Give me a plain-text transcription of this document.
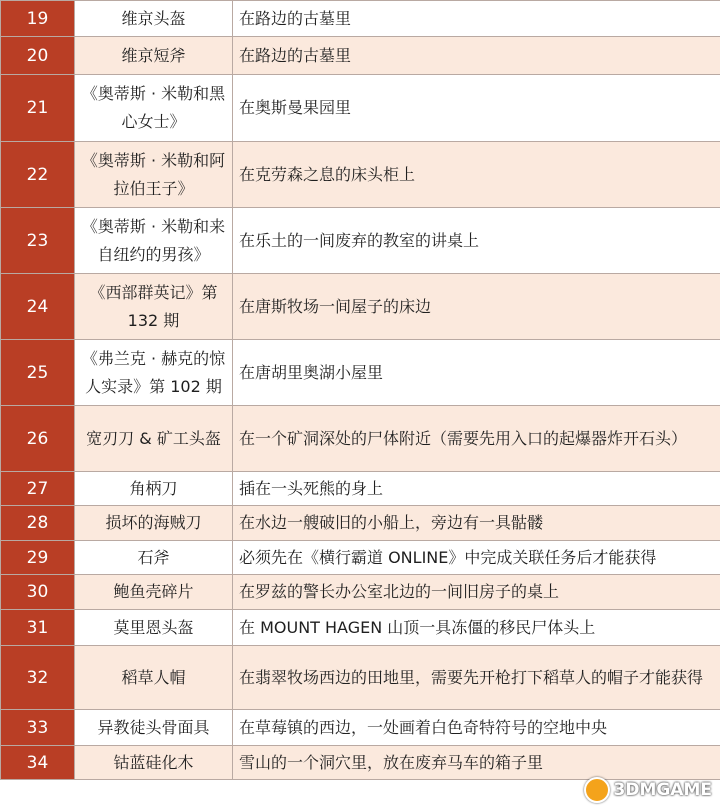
19	维京头盔	在路边的古墓里
20	维京短斧	在路边的古墓里
21	《奥蒂斯 · 米勒和黑心女士》	在奥斯曼果园里
22	《奥蒂斯 · 米勒和阿拉伯王子》	在克劳森之息的床头柜上
23	《奥蒂斯 · 米勒和来自纽约的男孩》	在乐土的一间废弃的教室的讲桌上
24	《西部群英记》第 132 期	在唐斯牧场一间屋子的床边
25	《弗兰克 · 赫克的惊人实录》第 102 期	在唐胡里奥湖小屋里
26	宽刃刀 & 矿工头盔	在一个矿洞深处的尸体附近（需要先用入口的起爆器炸开石头）
27	角柄刀	插在一头死熊的身上
28	损坏的海贼刀	在水边一艘破旧的小船上，旁边有一具骷髅
29	石斧	必须先在《横行霸道 ONLINE》中完成关联任务后才能获得
30	鲍鱼壳碎片	在罗兹的警长办公室北边的一间旧房子的桌上
31	莫里恩头盔	在 MOUNT HAGEN 山顶一具冻僵的移民尸体头上
32	稻草人帽	在翡翠牧场西边的田地里，需要先开枪打下稻草人的帽子才能获得
33	异教徒头骨面具	在草莓镇的西边，一处画着白色奇特符号的空地中央
34	钴蓝硅化木	雪山的一个洞穴里，放在废弃马车的箱子里
3DMGAME
